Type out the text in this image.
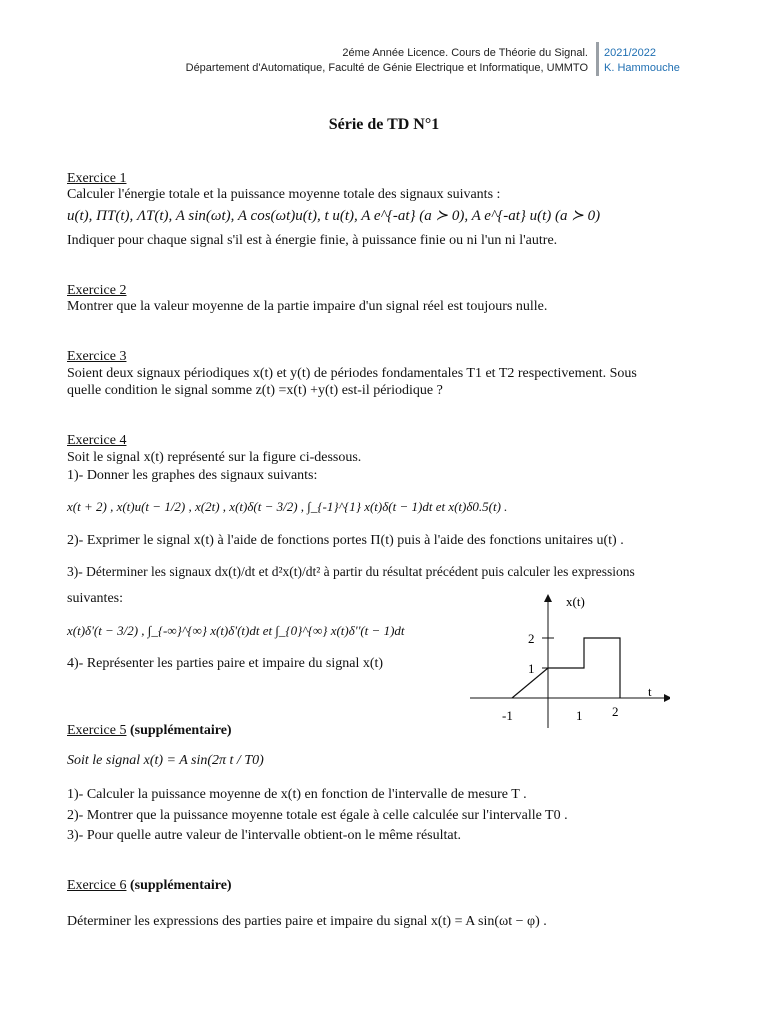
2éme Année Licence. Cours de Théorie du Signal.
Département d'Automatique, Faculté de Génie Electrique et Informatique, UMMTO
2021/2022
K. Hammouche
Série de TD N°1
Exercice 1
Calculer l'énergie totale et la puissance moyenne totale des signaux suivants :
u(t), ΠT(t), ΛT(t), A sin(ωt), A cos(ωt)u(t), t u(t), A e^{-at} (a ≻ 0), A e^{-at} u(t) (a ≻ 0)
Indiquer pour chaque signal s'il est à énergie finie, à puissance finie ou ni l'un ni l'autre.
Exercice 2
Montrer que la valeur moyenne de la partie impaire d'un signal réel est toujours nulle.
Exercice 3
Soient deux signaux périodiques x(t) et y(t) de périodes fondamentales T1 et T2 respectivement. Sous
quelle condition le signal somme z(t) =x(t) +y(t) est-il périodique ?
Exercice 4
Soit le signal x(t) représenté sur la figure ci-dessous.
1)- Donner les graphes des signaux suivants:
x(t + 2) , x(t)u(t − 1/2) , x(2t) , x(t)δ(t − 3/2) , ∫_{-1}^{1} x(t)δ(t − 1)dt et x(t)δ0.5(t) .
2)- Exprimer le signal x(t) à l'aide de fonctions portes Π(t) puis à l'aide des fonctions unitaires u(t) .
3)- Déterminer les signaux dx(t)/dt et d²x(t)/dt² à partir du résultat précédent puis calculer les expressions
suivantes:
x(t)δ'(t − 3/2) , ∫_{-∞}^{∞} x(t)δ'(t)dt et ∫_{0}^{∞} x(t)δ''(t − 1)dt
4)- Représenter les parties paire et impaire du signal x(t)
x(t)
t
2
1
-1	1 2
Exercice 5 (supplémentaire)
Soit le signal x(t) = A sin(2π t / T0)
1)- Calculer la puissance moyenne de x(t) en fonction de l'intervalle de mesure T .
2)- Montrer que la puissance moyenne totale est égale à celle calculée sur l'intervalle T0 .
3)- Pour quelle autre valeur de l'intervalle obtient-on le même résultat.
Exercice 6 (supplémentaire)
Déterminer les expressions des parties paire et impaire du signal x(t) = A sin(ωt − φ) .
